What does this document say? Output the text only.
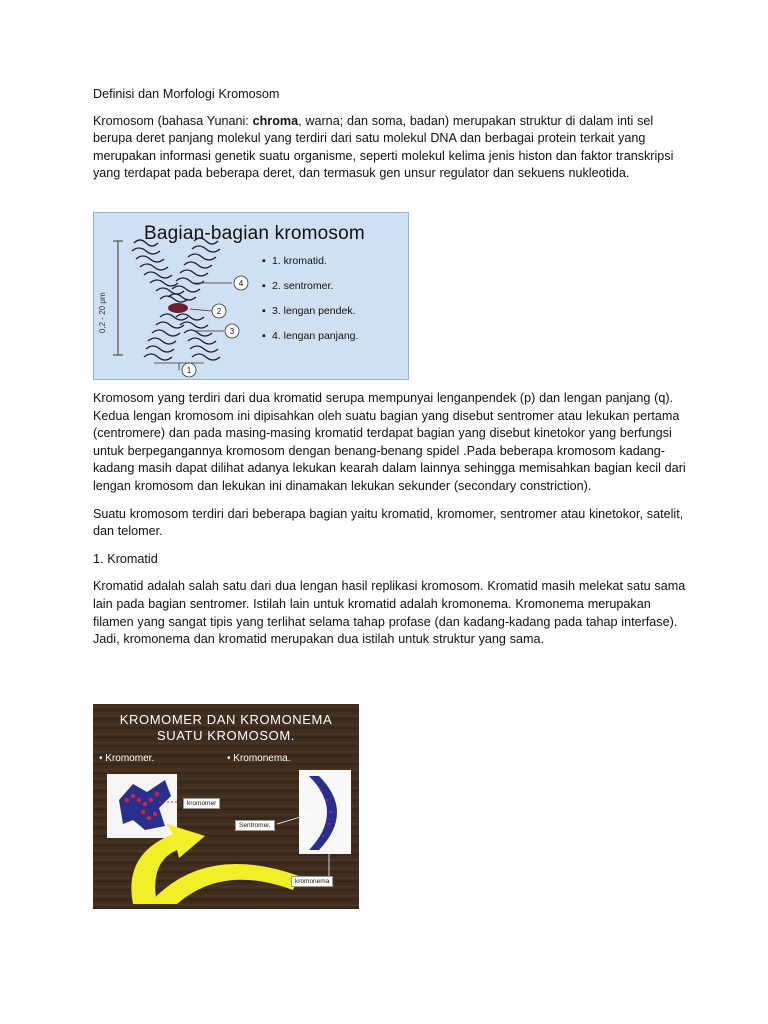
Definisi dan Morfologi Kromosom

Kromosom (bahasa Yunani: chroma, warna; dan soma, badan) merupakan struktur di dalam inti sel berupa deret panjang molekul yang terdiri dari satu molekul DNA dan berbagai protein terkait yang merupakan informasi genetik suatu organisme, seperti molekul kelima jenis histon dan faktor transkripsi yang terdapat pada beberapa deret, dan termasuk gen unsur regulator dan sekuens nukleotida.

4
2
3
1
Bagian-bagian kromosom
▪ 1. kromatid.
▪ 2. sentromer.
▪ 3. lengan pendek.
▪ 4. lengan panjang.
0,2 - 20 μm

Kromosom yang terdiri dari dua kromatid serupa mempunyai lenganpendek (p) dan lengan panjang (q). Kedua lengan kromosom ini dipisahkan oleh suatu bagian yang disebut sentromer atau lekukan pertama (centromere) dan pada masing-masing kromatid terdapat bagian yang disebut kinetokor yang berfungsi untuk berpegangannya kromosom dengan benang-benang spidel .Pada beberapa kromosom kadang-kadang masih dapat dilihat adanya lekukan kearah dalam lainnya sehingga memisahkan bagian kecil dari lengan kromosom dan lekukan ini dinamakan lekukan sekunder (secondary constriction).

Suatu kromosom terdiri dari beberapa bagian yaitu kromatid, kromomer, sentromer atau kinetokor, satelit, dan telomer.

1. Kromatid

Kromatid adalah salah satu dari dua lengan hasil replikasi kromosom. Kromatid masih melekat satu sama lain pada bagian sentromer. Istilah lain untuk kromatid adalah kromonema. Kromonema merupakan filamen yang sangat tipis yang terlihat selama tahap profase (dan kadang-kadang pada tahap interfase). Jadi, kromonema dan kromatid merupakan dua istilah untuk struktur yang sama.

KROMOMER DAN KROMONEMA
SUATU KROMOSOM.
• Kromomer.	• Kromonema.
kromomer
Sentromer.
kromonema
